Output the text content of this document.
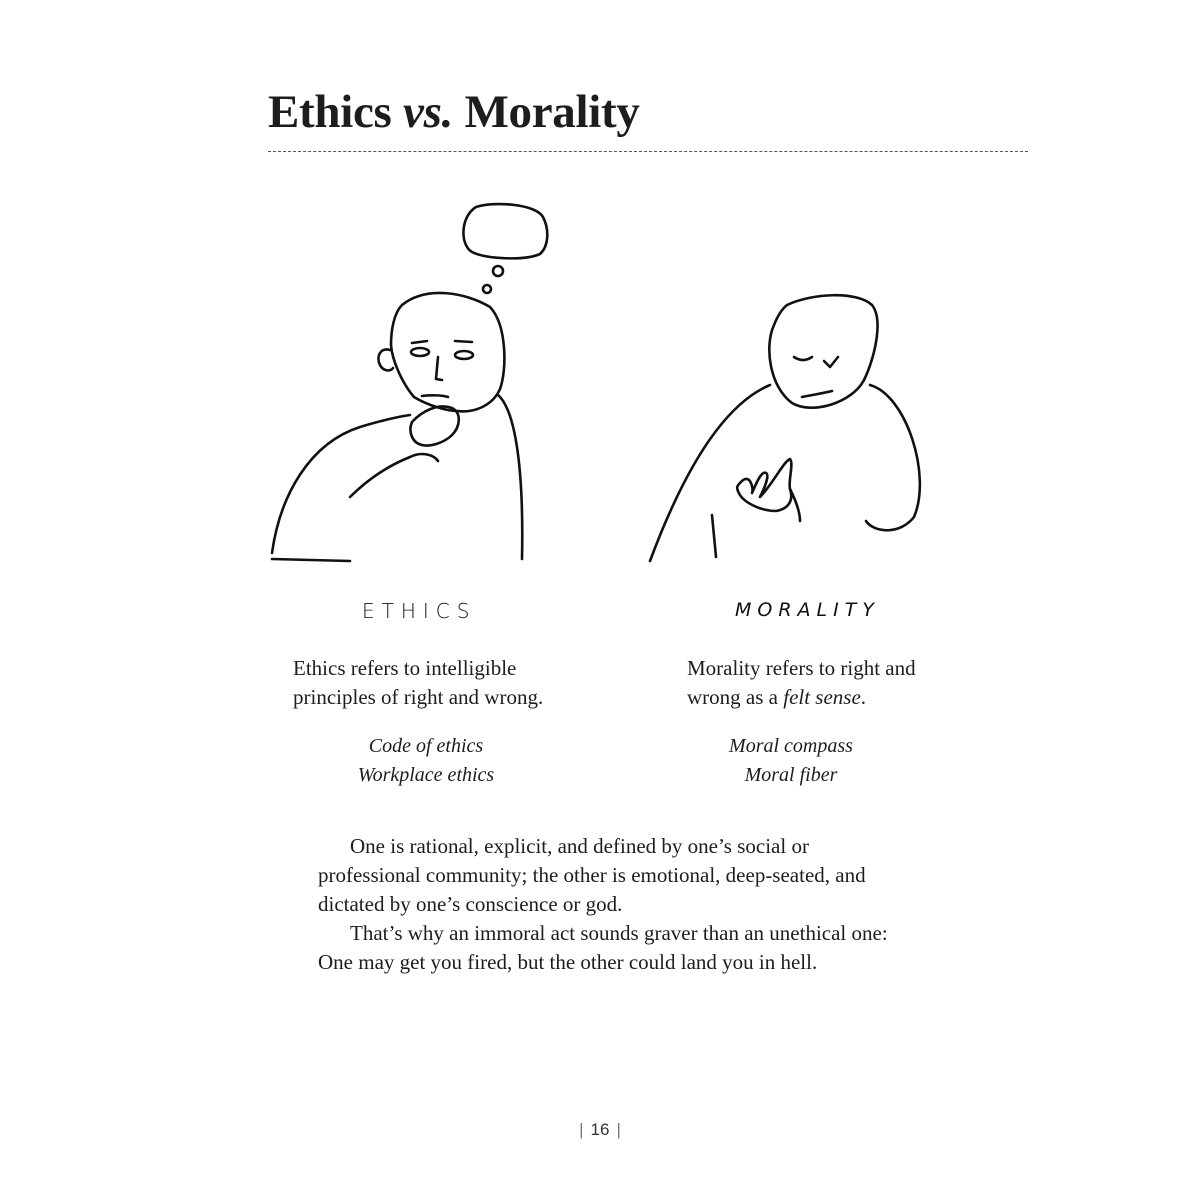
Ethics vs. Morality

ETHICS	MORALITY

Ethics refers to intelligible principles of right and wrong.

Morality refers to right and wrong as a felt sense.

Code of ethics
Workplace ethics
Moral compass
Moral fiber

One is rational, explicit, and defined by one’s social or professional community; the other is emotional, deep-seated, and dictated by one’s conscience or god.

That’s why an immoral act sounds graver than an unethical one: One may get you fired, but the other could land you in hell.

| 16 |
